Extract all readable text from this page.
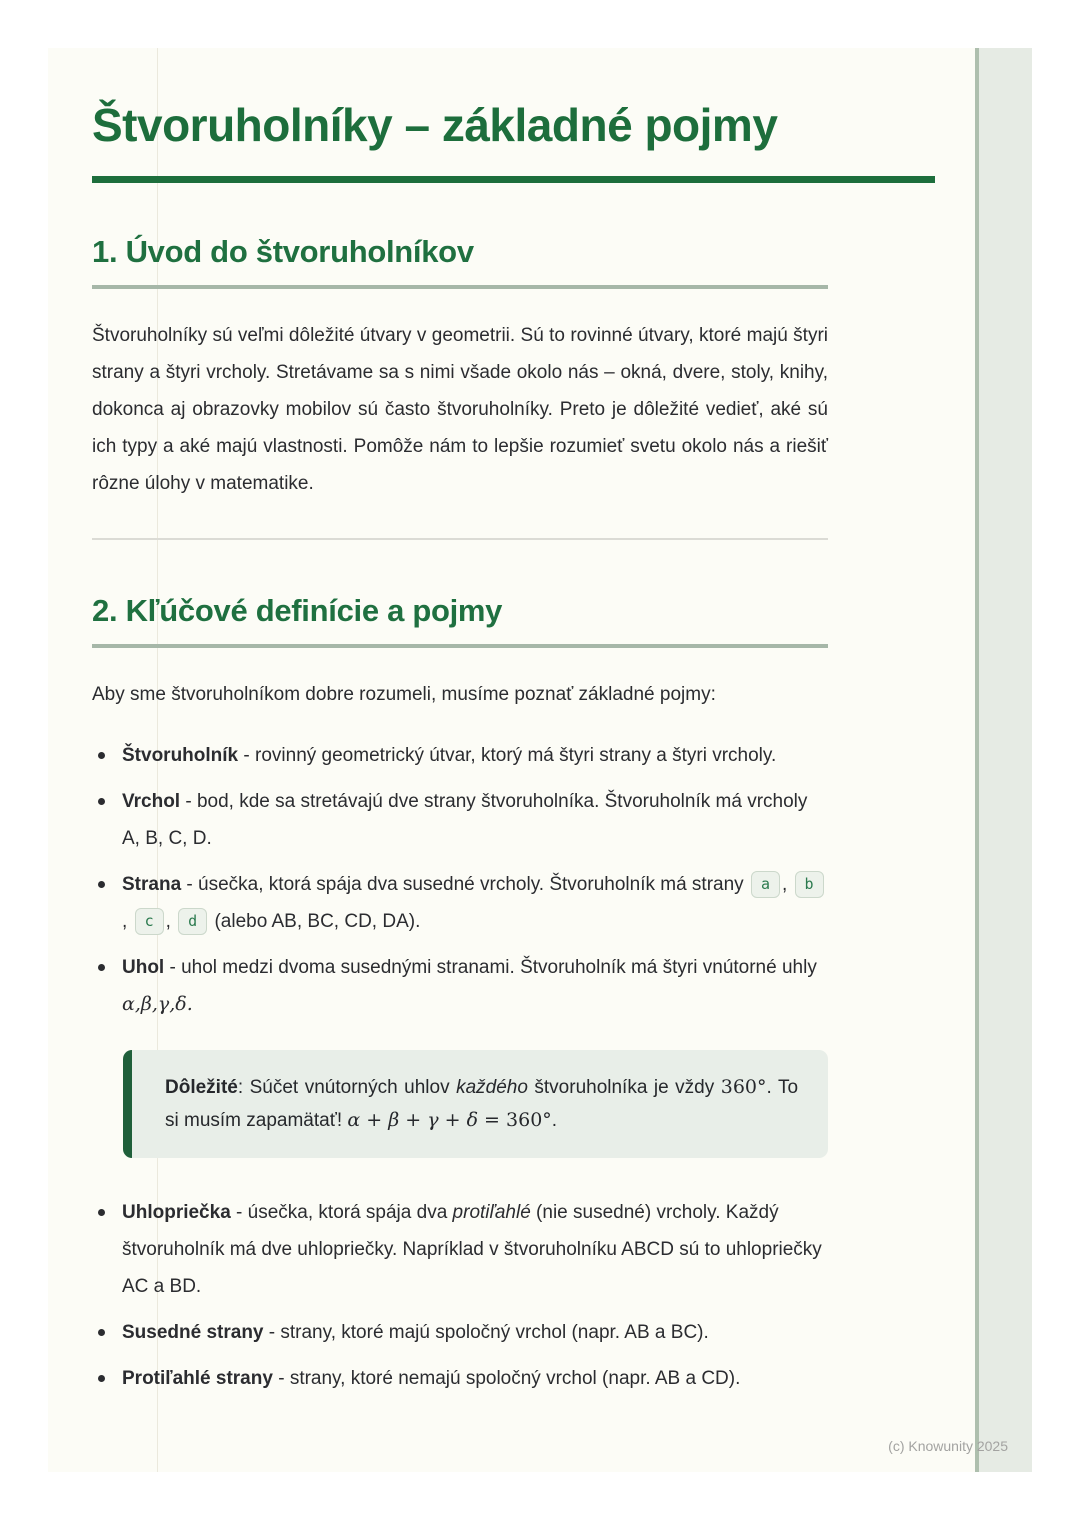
Štvoruholníky – základné pojmy
1. Úvod do štvoruholníkov

Štvoruholníky sú veľmi dôležité útvary v geometrii. Sú to rovinné útvary, ktoré majú štyri strany a štyri vrcholy. Stretávame sa s nimi všade okolo nás – okná, dvere, stoly, knihy, dokonca aj obrazovky mobilov sú často štvoruholníky. Preto je dôležité vedieť, aké sú ich typy a aké majú vlastnosti. Pomôže nám to lepšie rozumieť svetu okolo nás a riešiť rôzne úlohy v matematike.

2. Kľúčové definície a pojmy

Aby sme štvoruholníkom dobre rozumeli, musíme poznať základné pojmy:

Štvoruholník - rovinný geometrický útvar, ktorý má štyri strany a štyri vrcholy.
Vrchol - bod, kde sa stretávajú dve strany štvoruholníka. Štvoruholník má vrcholy A, B, C, D.
Strana - úsečka, ktorá spája dva susedné vrcholy. Štvoruholník má strany a , b, c , d (alebo AB, BC, CD, DA).
Uhol - uhol medzi dvoma susednými stranami. Štvoruholník má štyri vnútorné uhly α,β,γ,δ.

Dôležité: Súčet vnútorných uhlov každého štvoruholníka je vždy 360°. To si musím zapamätať! α + β + γ + δ = 360°.

Uhlopriečka - úsečka, ktorá spája dva protiľahlé (nie susedné) vrcholy. Každý štvoruholník má dve uhlopriečky. Napríklad v štvoruholníku ABCD sú to uhlopriečky AC a BD.
Susedné strany - strany, ktoré majú spoločný vrchol (napr. AB a BC).
Protiľahlé strany - strany, ktoré nemajú spoločný vrchol (napr. AB a CD).
(c) Knowunity 2025
